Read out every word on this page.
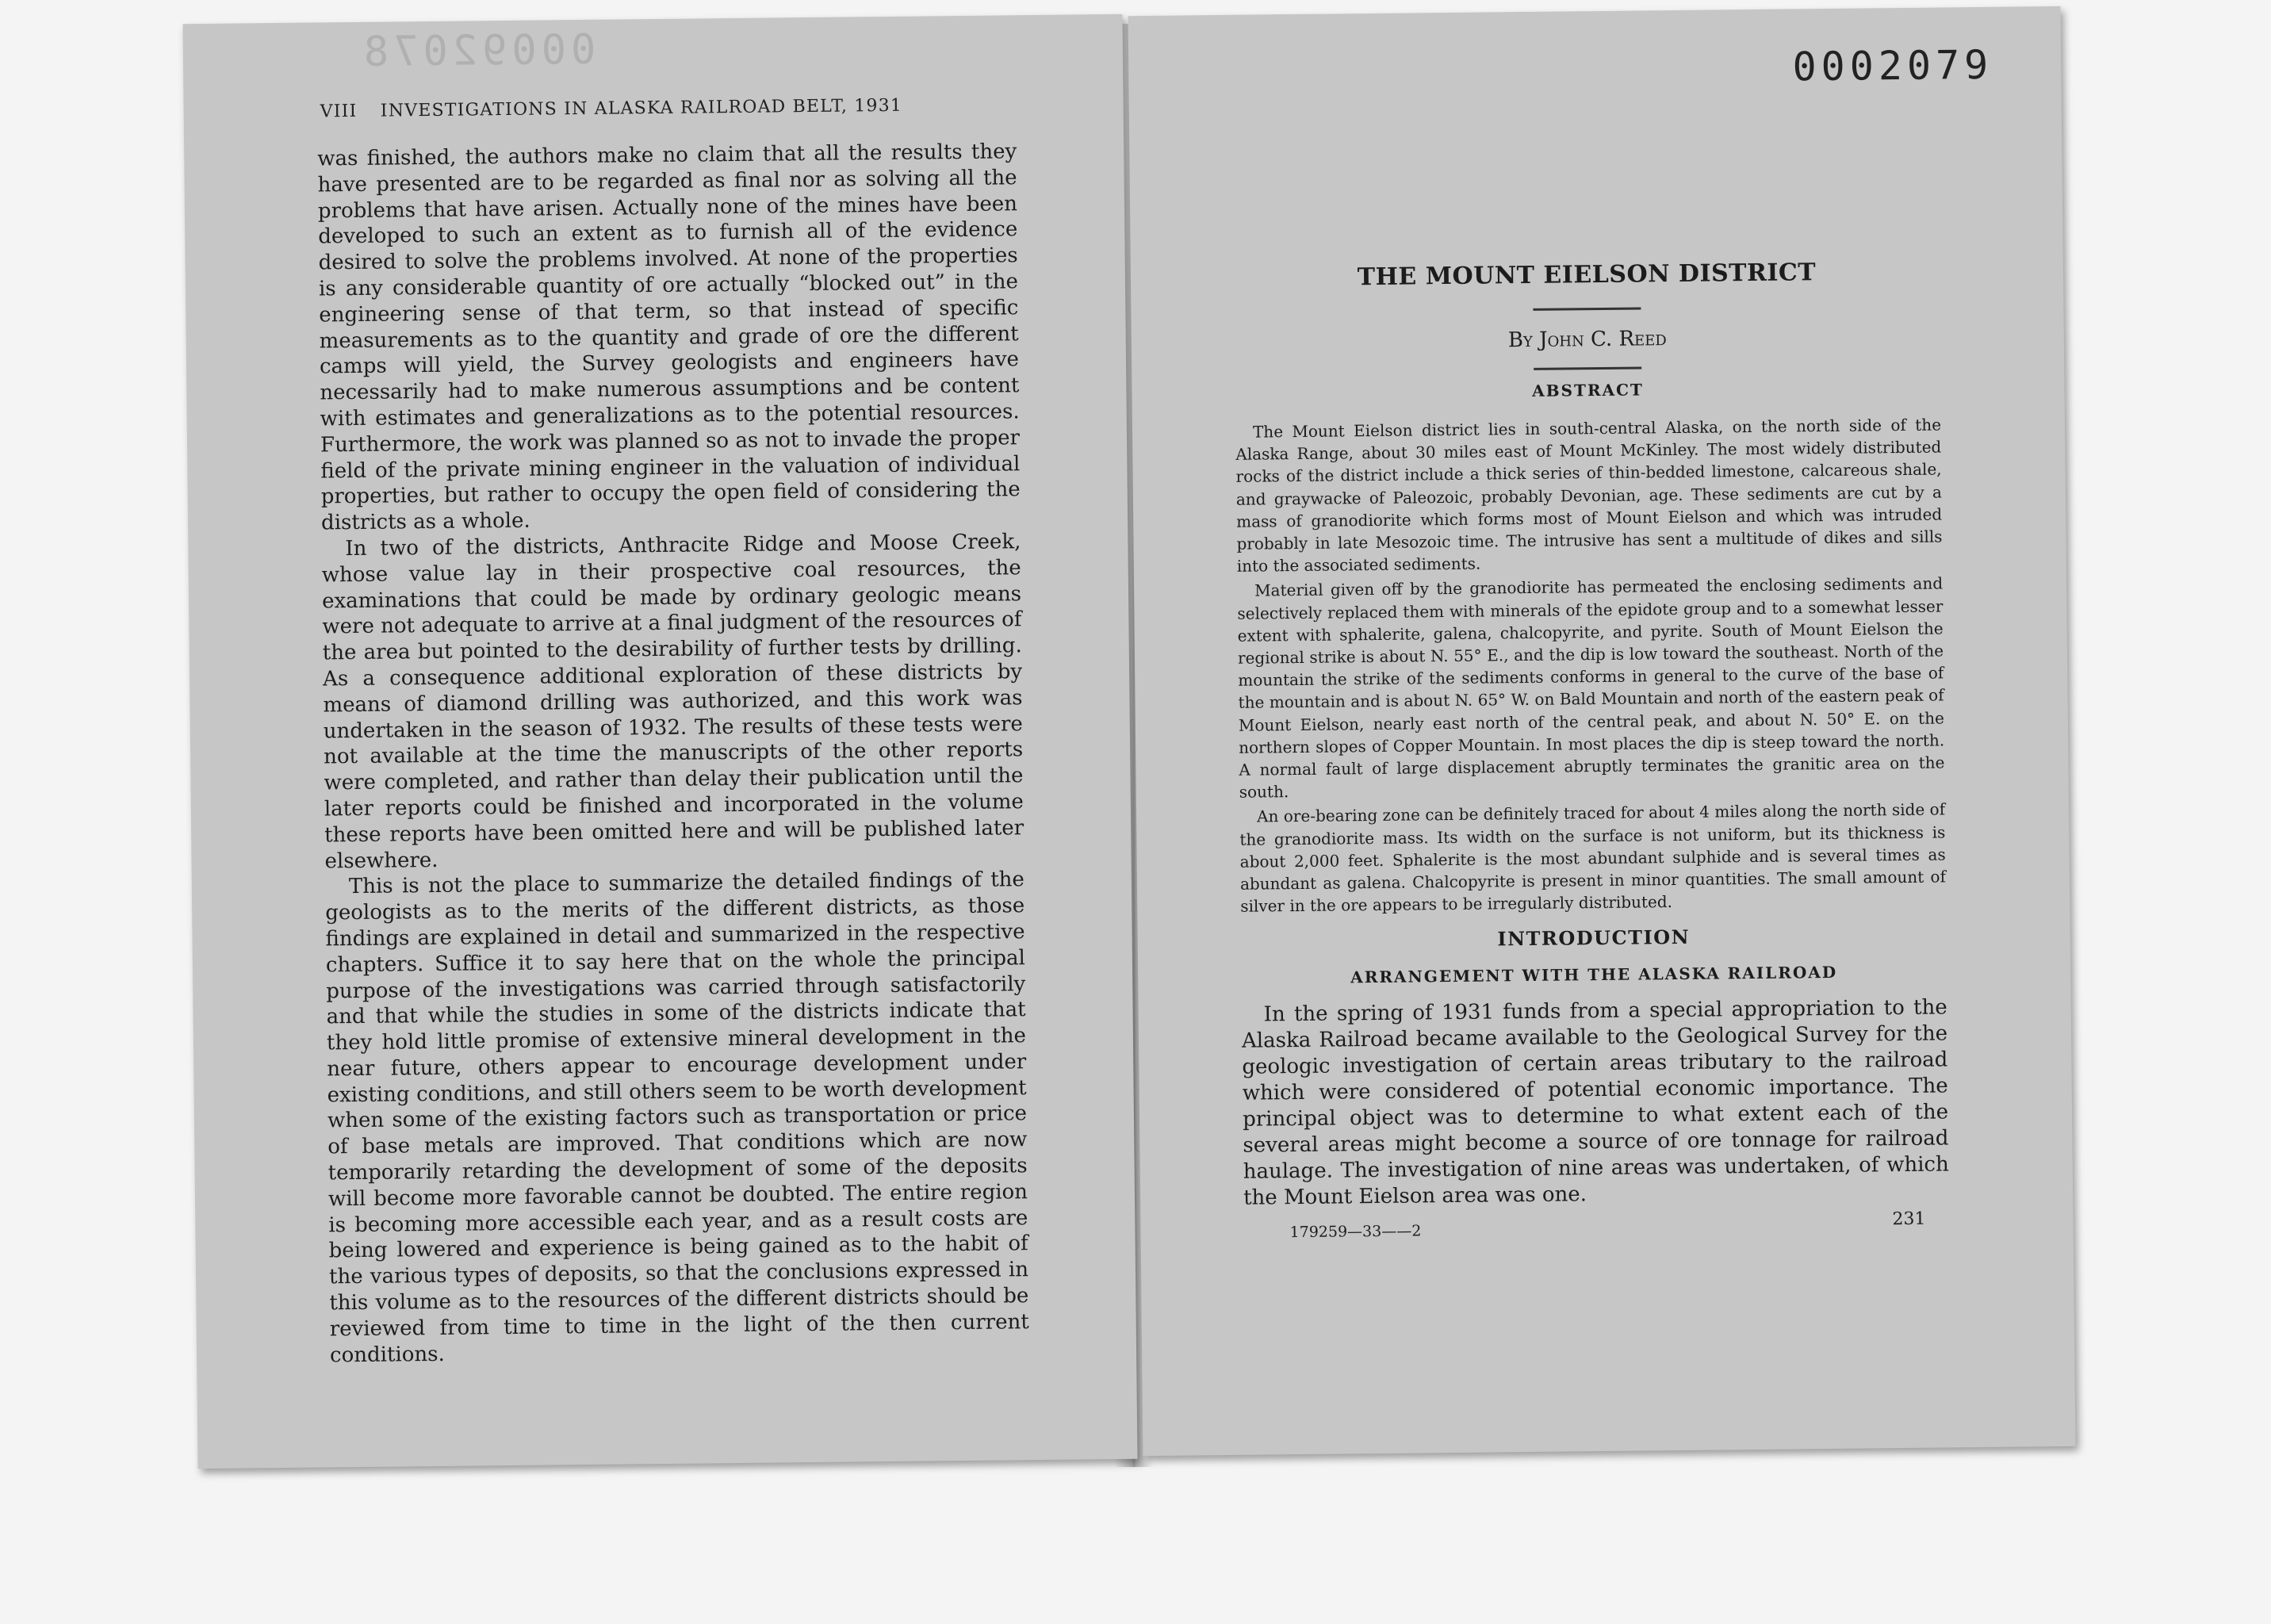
00092078
VIII INVESTIGATIONS IN ALASKA RAILROAD BELT, 1931

was finished, the authors make no claim that all the results they have presented are to be regarded as final nor as solving all the problems that have arisen. Actually none of the mines have been developed to such an extent as to furnish all of the evidence desired to solve the problems involved. At none of the properties is any considerable quantity of ore actually “blocked out” in the engineering sense of that term, so that instead of specific measurements as to the quantity and grade of ore the different camps will yield, the Survey geologists and engineers have necessarily had to make numerous assumptions and be content with estimates and generalizations as to the potential resources. Furthermore, the work was planned so as not to invade the proper field of the private mining engineer in the valuation of individual properties, but rather to occupy the open field of considering the districts as a whole.

In two of the districts, Anthracite Ridge and Moose Creek, whose value lay in their prospective coal resources, the examinations that could be made by ordinary geologic means were not adequate to arrive at a final judgment of the resources of the area but pointed to the desirability of further tests by drilling. As a consequence additional exploration of these districts by means of diamond drilling was authorized, and this work was undertaken in the season of 1932. The results of these tests were not available at the time the manuscripts of the other reports were completed, and rather than delay their publication until the later reports could be finished and incorporated in the volume these reports have been omitted here and will be published later elsewhere.

This is not the place to summarize the detailed findings of the geologists as to the merits of the different districts, as those findings are explained in detail and summarized in the respective chapters. Suffice it to say here that on the whole the principal purpose of the investigations was carried through satisfactorily and that while the studies in some of the districts indicate that they hold little promise of extensive mineral development in the near future, others appear to encourage development under existing conditions, and still others seem to be worth development when some of the existing factors such as transportation or price of base metals are improved. That conditions which are now temporarily retarding the development of some of the deposits will become more favorable cannot be doubted. The entire region is becoming more accessible each year, and as a result costs are being lowered and experience is being gained as to the habit of the various types of deposits, so that the conclusions expressed in this volume as to the resources of the different districts should be reviewed from time to time in the light of the then current conditions.

0002079
THE MOUNT EIELSON DISTRICT
By John C. Reed
ABSTRACT

The Mount Eielson district lies in south-central Alaska, on the north side of the Alaska Range, about 30 miles east of Mount McKinley. The most widely distributed rocks of the district include a thick series of thin-bedded limestone, calcareous shale, and graywacke of Paleozoic, probably Devonian, age. These sediments are cut by a mass of granodiorite which forms most of Mount Eielson and which was intruded probably in late Mesozoic time. The intrusive has sent a multitude of dikes and sills into the associated sediments.

Material given off by the granodiorite has permeated the enclosing sediments and selectively replaced them with minerals of the epidote group and to a somewhat lesser extent with sphalerite, galena, chalcopyrite, and pyrite. South of Mount Eielson the regional strike is about N. 55° E., and the dip is low toward the southeast. North of the mountain the strike of the sediments conforms in general to the curve of the base of the mountain and is about N. 65° W. on Bald Mountain and north of the eastern peak of Mount Eielson, nearly east north of the central peak, and about N. 50° E. on the northern slopes of Copper Mountain. In most places the dip is steep toward the north. A normal fault of large displacement abruptly terminates the granitic area on the south.

An ore-bearing zone can be definitely traced for about 4 miles along the north side of the granodiorite mass. Its width on the surface is not uniform, but its thickness is about 2,000 feet. Sphalerite is the most abundant sulphide and is several times as abundant as galena. Chalcopyrite is present in minor quantities. The small amount of silver in the ore appears to be irregularly distributed.

INTRODUCTION
ARRANGEMENT WITH THE ALASKA RAILROAD

In the spring of 1931 funds from a special appropriation to the Alaska Railroad became available to the Geological Survey for the geologic investigation of certain areas tributary to the railroad which were considered of potential economic importance. The principal object was to determine to what extent each of the several areas might become a source of ore tonnage for railroad haulage. The investigation of nine areas was undertaken, of which the Mount Eielson area was one.

179259—33——2
231
